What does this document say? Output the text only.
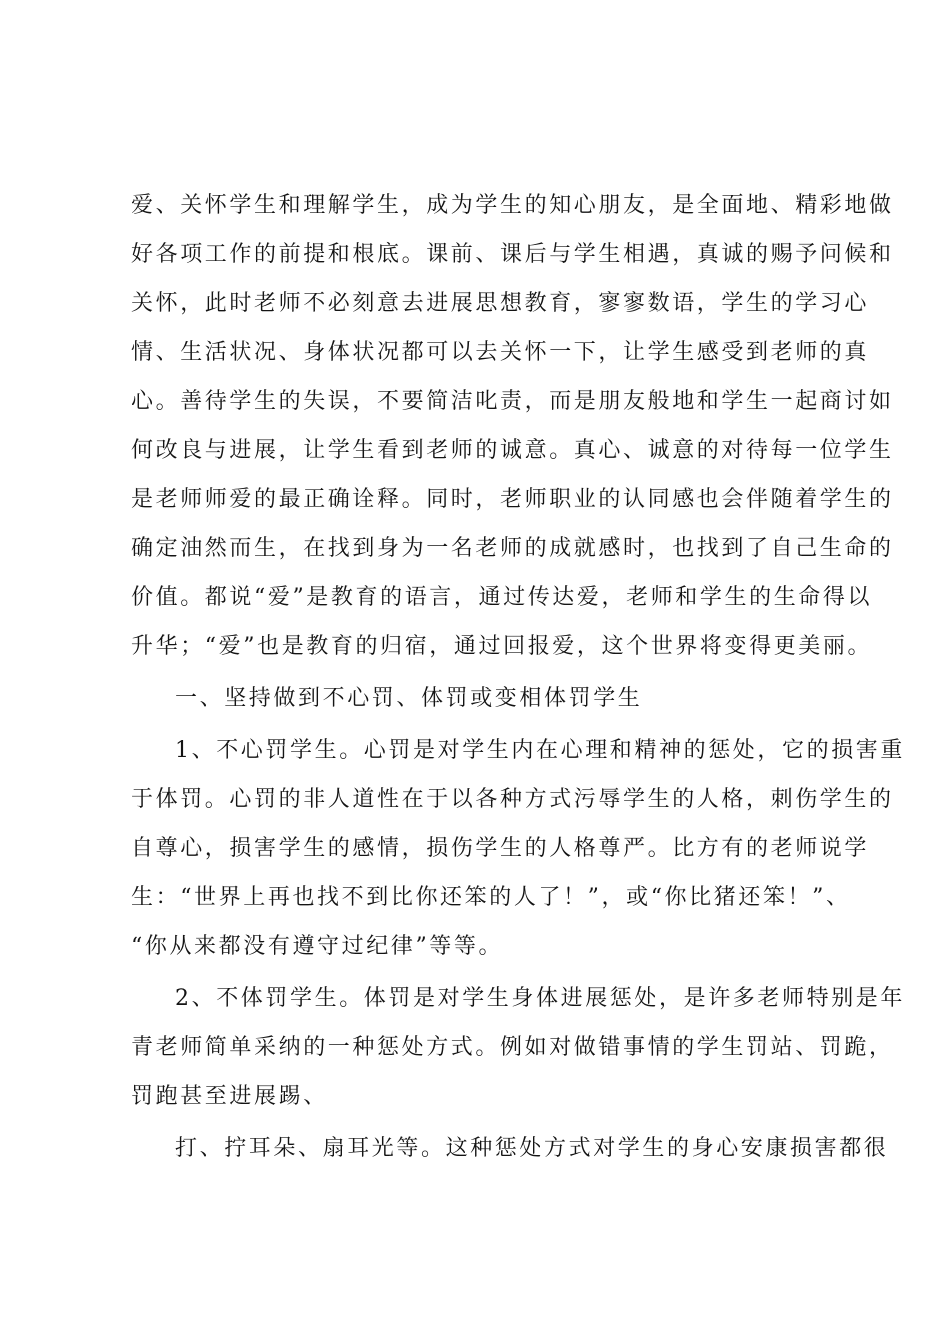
爱、关怀学生和理解学生，成为学生的知心朋友，是全面地、精彩地做
好各项工作的前提和根底。课前、课后与学生相遇，真诚的赐予问候和
关怀，此时老师不必刻意去进展思想教育，寥寥数语，学生的学习心
情、生活状况、身体状况都可以去关怀一下，让学生感受到老师的真
心。善待学生的失误，不要简洁叱责，而是朋友般地和学生一起商讨如
何改良与进展，让学生看到老师的诚意。真心、诚意的对待每一位学生
是老师师爱的最正确诠释。同时，老师职业的认同感也会伴随着学生的
确定油然而生，在找到身为一名老师的成就感时，也找到了自己生命的
价值。都说“爱”是教育的语言，通过传达爱，老师和学生的生命得以
升华；“爱”也是教育的归宿，通过回报爱，这个世界将变得更美丽。
一、坚持做到不心罚、体罚或变相体罚学生
1、不心罚学生。心罚是对学生内在心理和精神的惩处，它的损害重
于体罚。心罚的非人道性在于以各种方式污辱学生的人格，刺伤学生的
自尊心，损害学生的感情，损伤学生的人格尊严。比方有的老师说学
生：“世界上再也找不到比你还笨的人了！”，或“你比猪还笨！”、
“你从来都没有遵守过纪律”等等。
2、不体罚学生。体罚是对学生身体进展惩处，是许多老师特别是年
青老师简单采纳的一种惩处方式。例如对做错事情的学生罚站、罚跪，
罚跑甚至进展踢、
打、拧耳朵、扇耳光等。这种惩处方式对学生的身心安康损害都很
